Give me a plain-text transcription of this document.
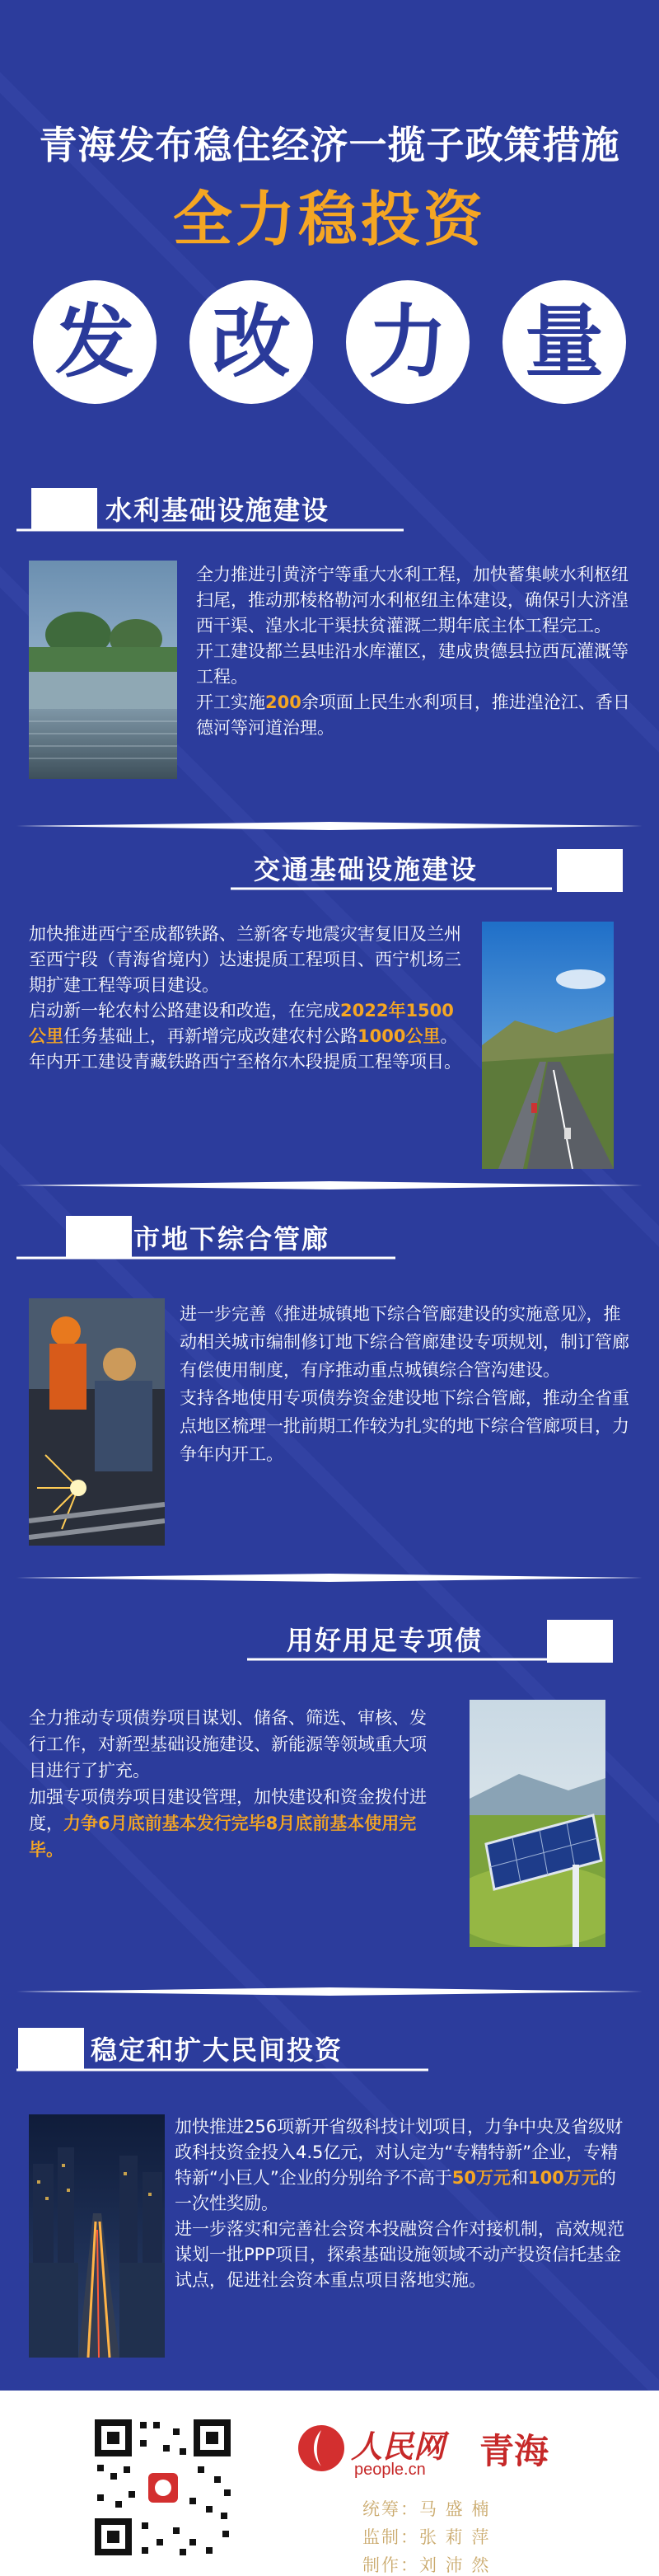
青海发布稳住经济一揽子政策措施
全力稳投资
发 改 力 量
水利基础设施建设

全力推进引黄济宁等重大水利工程，加快蓄集峡水利枢纽扫尾，推动那棱格勒河水利枢纽主体建设，确保引大济湟西干渠、湟水北干渠扶贫灌溉二期年底主体工程完工。

开工建设都兰县哇沿水库灌区，建成贵德县拉西瓦灌溉等工程。

开工实施200余项面上民生水利项目，推进湟沧江、香日德河等河道治理。

交通基础设施建设

加快推进西宁至成都铁路、兰新客专地震灾害复旧及兰州至西宁段（青海省境内）达速提质工程项目、西宁机场三期扩建工程等项目建设。

启动新一轮农村公路建设和改造，在完成2022年1500公里任务基础上，再新增完成改建农村公路1000公里。

年内开工建设青藏铁路西宁至格尔木段提质工程等项目。

城市地下综合管廊

进一步完善《推进城镇地下综合管廊建设的实施意见》，推动相关城市编制修订地下综合管廊建设专项规划，制订管廊有偿使用制度，有序推动重点城镇综合管沟建设。

支持各地使用专项债券资金建设地下综合管廊，推动全省重点地区梳理一批前期工作较为扎实的地下综合管廊项目，力争年内开工。

用好用足专项债

全力推动专项债券项目谋划、储备、筛选、审核、发行工作，对新型基础设施建设、新能源等领域重大项目进行了扩充。

加强专项债券项目建设管理，加快建设和资金拨付进度，力争6月底前基本发行完毕8月底前基本使用完毕。

稳定和扩大民间投资

加快推进256项新开省级科技计划项目，力争中央及省级财政科技资金投入4.5亿元，对认定为“专精特新”企业，专精特新“小巨人”企业的分别给予不高于50万元和100万元的一次性奖励。

进一步落实和完善社会资本投融资合作对接机制，高效规范谋划一批PPP项目，探索基础设施领域不动产投资信托基金试点，促进社会资本重点项目落地实施。

人民网
people.cn 青海
统筹：马 盛 楠
监制：张 莉 萍
制作：刘 沛 然
